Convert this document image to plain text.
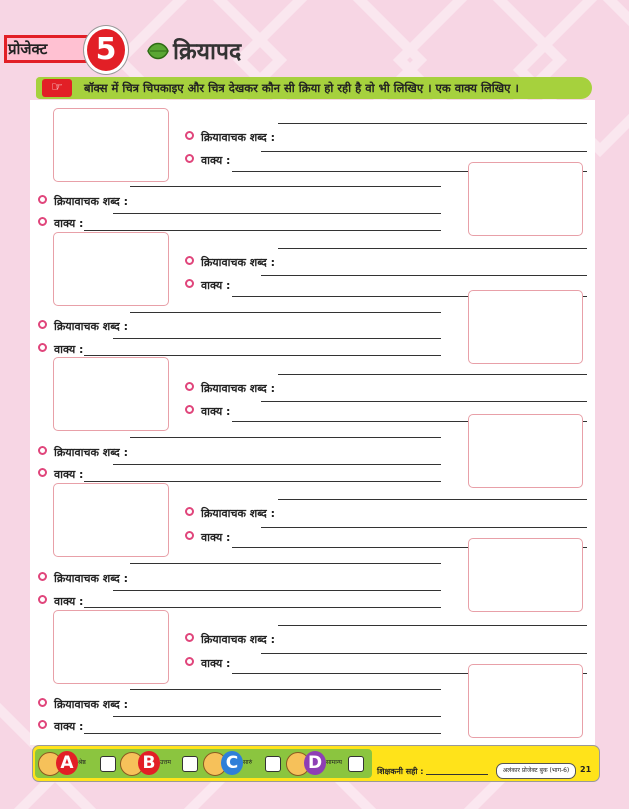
प्रोजेक्ट	5	क्रियापद
☞	बॉक्स में चित्र चिपकाइए और चित्र देखकर कौन सी क्रिया हो रही है वो भी लिखिए । एक वाक्य लिखिए ।
क्रियावाचक शब्द :
वाक्य :
क्रियावाचक शब्द :
वाक्य :
क्रियावाचक शब्द :
वाक्य :
क्रियावाचक शब्द :
वाक्य :
क्रियावाचक शब्द :
वाक्य :
क्रियावाचक शब्द :
वाक्य :
क्रियावाचक शब्द :
वाक्य :
क्रियावाचक शब्द :
वाक्य :
क्रियावाचक शब्द :
वाक्य :
क्रियावाचक शब्द :
वाक्य :
A श्रेष्ठ	B उत्तम	C सारुं	D सामान्य
शिक्षकनी सही :	अलंकार प्रोजेक्ट बुक (भाग-6)	21
